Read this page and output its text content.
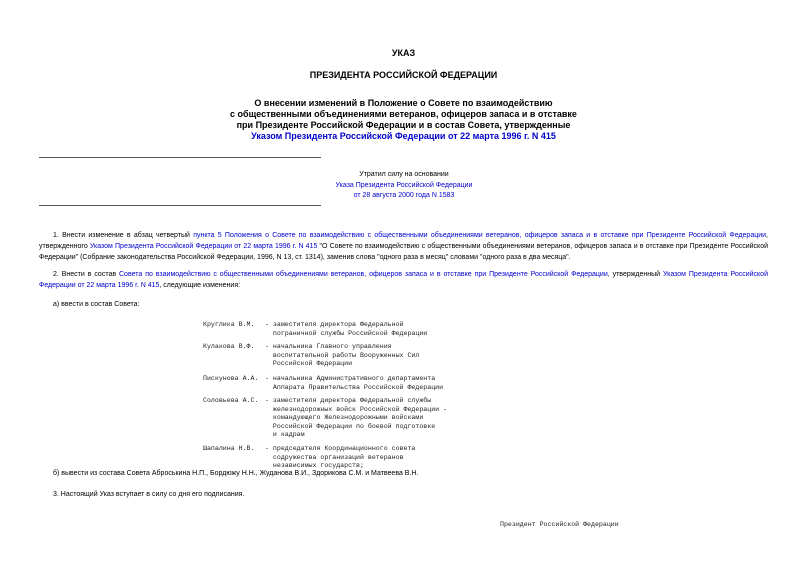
УКАЗ
ПРЕЗИДЕНТА РОССИЙСКОЙ ФЕДЕРАЦИИ
О внесении изменений в Положение о Совете по взаимодействию
с общественными объединениями ветеранов, офицеров запаса и в отставке
при Президенте Российской Федерации и в состав Совета, утвержденные
Указом Президента Российской Федерации от 22 марта 1996 г. N 415
Утратил силу на основании
Указа Президента Российской Федерации
от 28 августа 2000 года N 1583

1. Внести изменение в абзац четвертый пункта 5 Положения о Совете по взаимодействию с общественными объединениями ветеранов, офицеров запаса и в отставке при Президенте Российской Федерации, утвержденного Указом Президента Российской Федерации от 22 марта 1996 г. N 415 "О Совете по взаимодействию с общественными объединениями ветеранов, офицеров запаса и в отставке при Президенте Российской Федерации" (Собрание законодательства Российской Федерации, 1996, N 13, ст. 1314), заменив слова "одного раза в месяц" словами "одного раза в два месяца".

2. Внести в состав Совета по взаимодействию с общественными объединениями ветеранов, офицеров запаса и в отставке при Президенте Российской Федерации, утвержденный Указом Президента Российской Федерации от 22 марта 1996 г. N 415, следующие изменения:

а) ввести в состав Совета:
Круглика В.М. - заместителя директора Федеральной
пограничной службы Российской Федерации
Кулакова В.Ф. - начальника Главного управления
воспитательной работы Вооруженных Сил
Российской Федерации
Пискунова А.А. - начальника Административного департамента
Аппарата Правительства Российской Федерации
Соловьева А.С. - заместителя директора Федеральной службы
железнодорожных войск Российской Федерации -
командующего Железнодорожными войсками
Российской Федерации по боевой подготовке
и кадрам
Шапалина Н.В. - председателя Координационного совета
содружества организаций ветеранов
независимых государств;
б) вывести из состава Совета Аброськина Н.П., Бордюжу Н.Н., Жуданова В.И., Здорикова С.М. и Матвеева В.Н.
3. Настоящий Указ вступает в силу со дня его подписания.
Президент Российской Федерации
